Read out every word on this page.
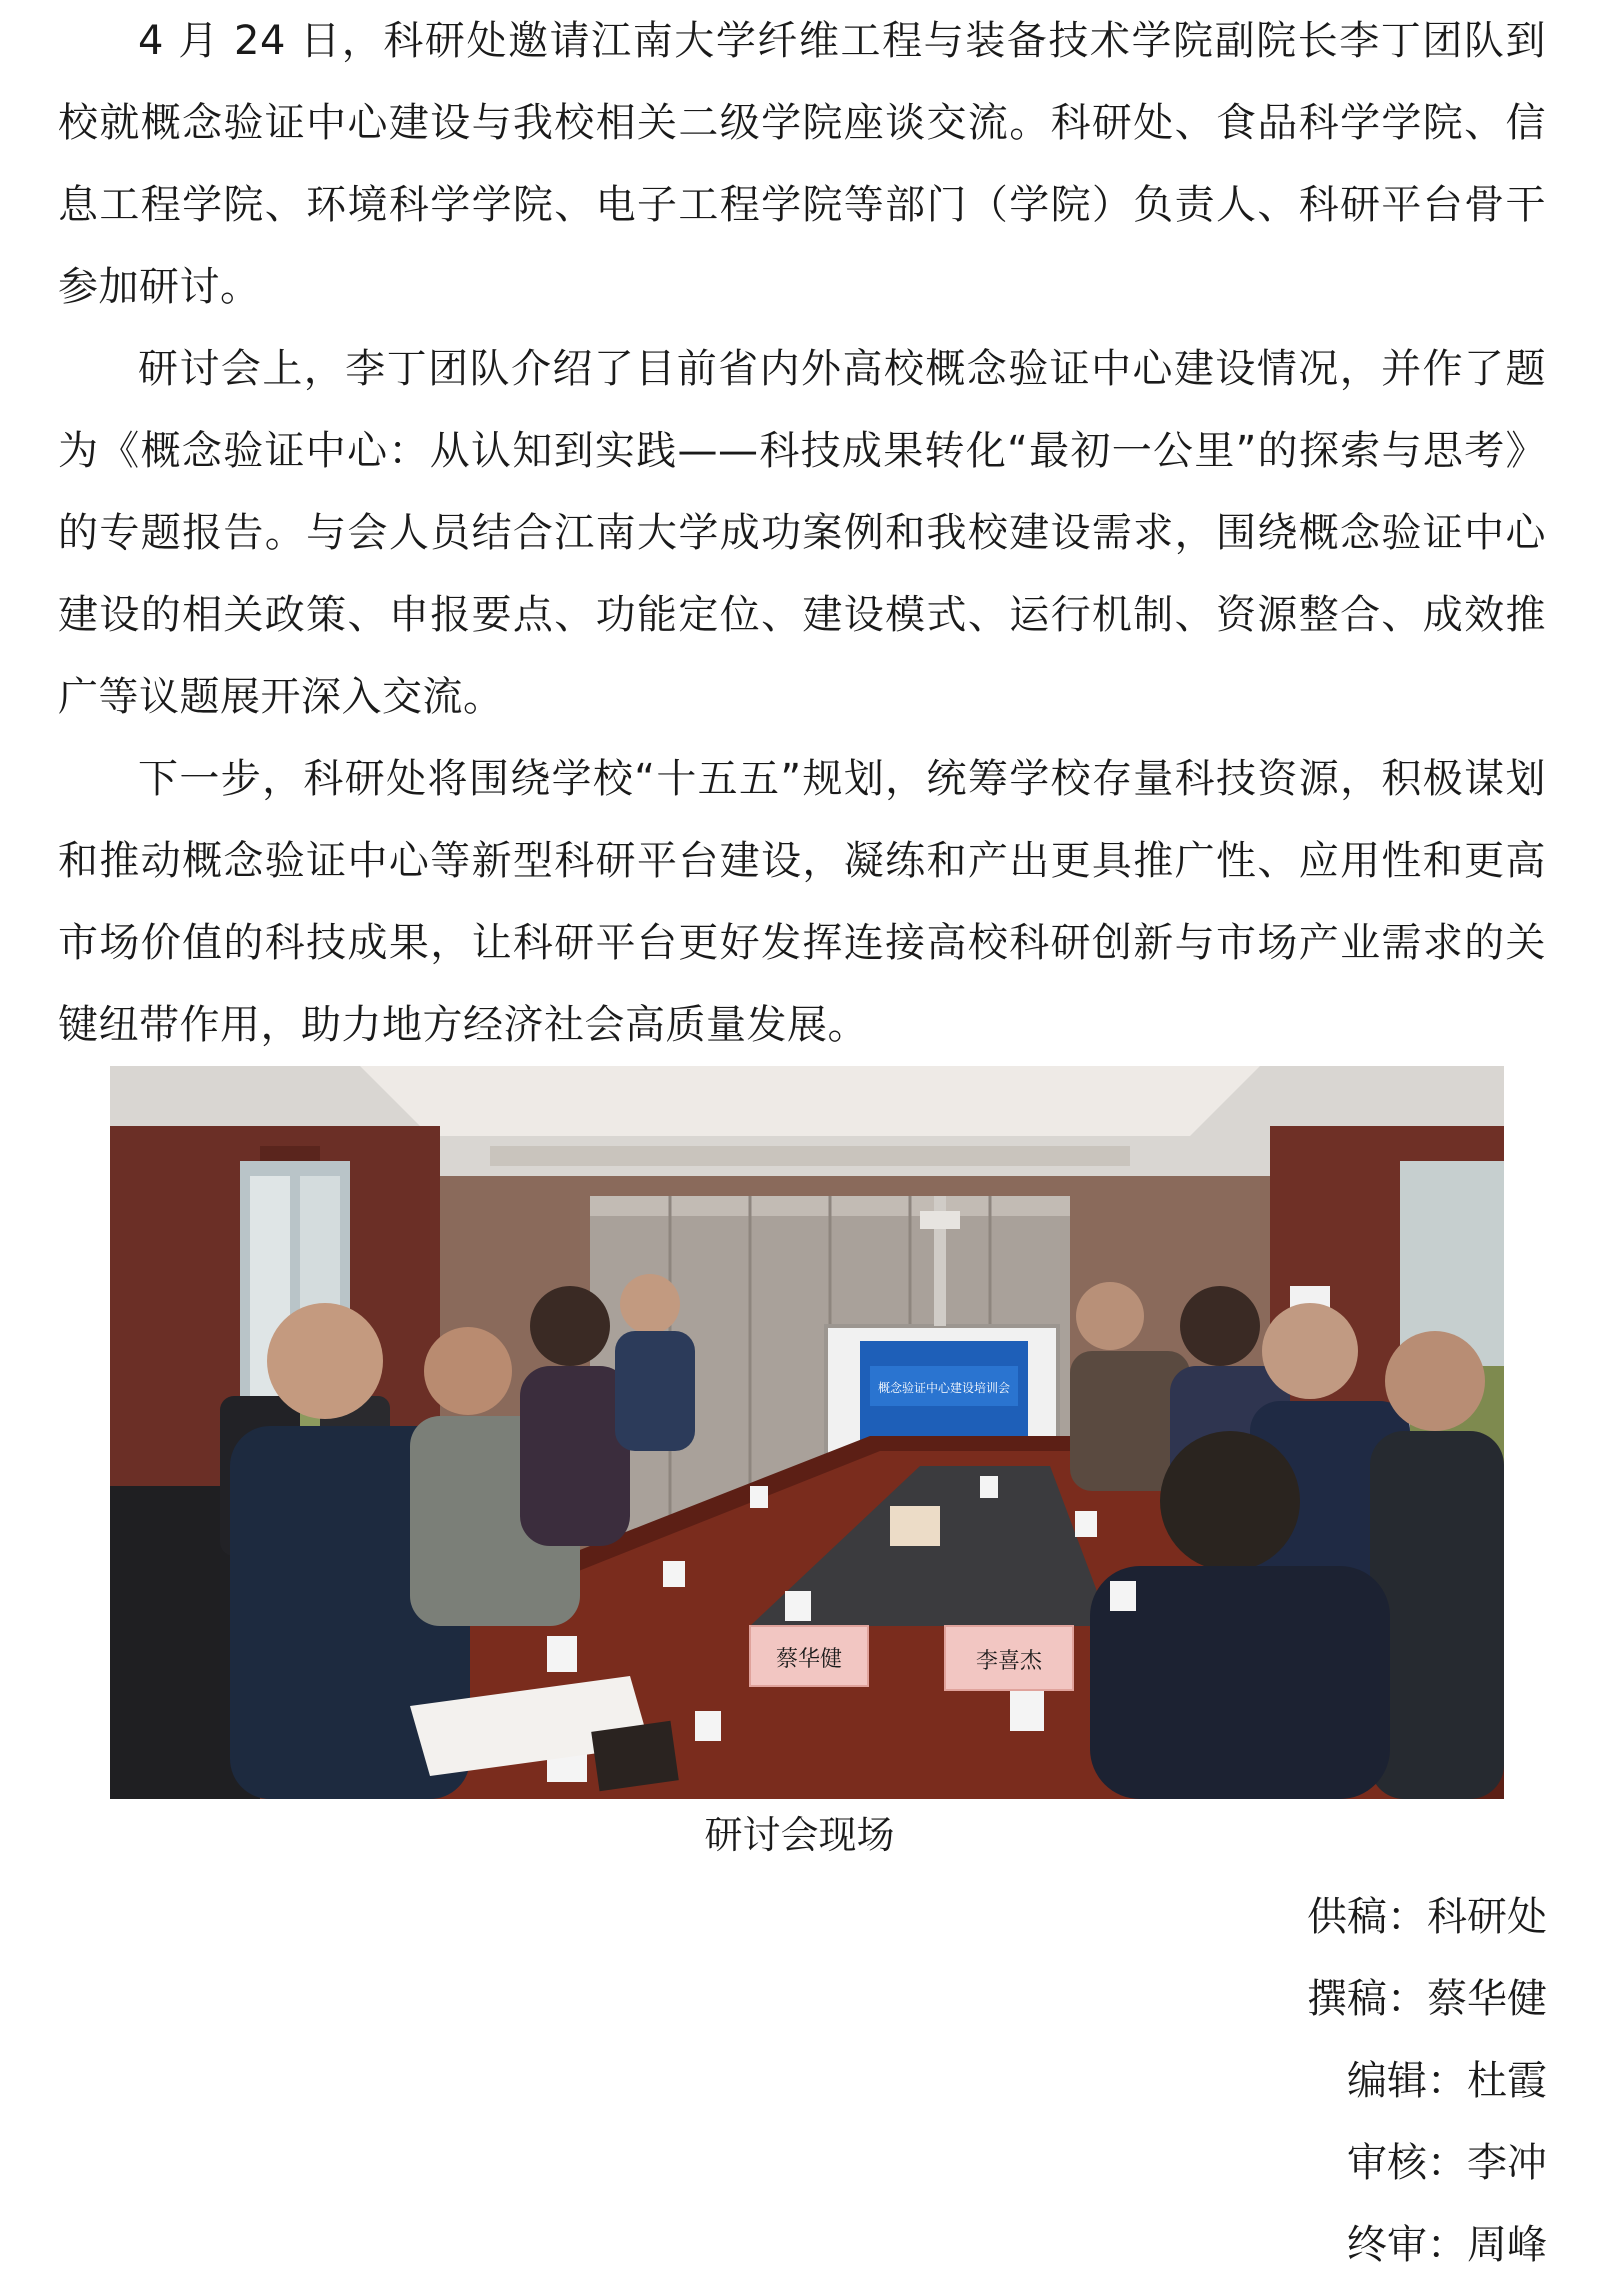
4 月 24 日，科研处邀请江南大学纤维工程与装备技术学院副院长李丁团队到校就概念验证中心建设与我校相关二级学院座谈交流。科研处、食品科学学院、信息工程学院、环境科学学院、电子工程学院等部门（学院）负责人、科研平台骨干参加研讨。

研讨会上，李丁团队介绍了目前省内外高校概念验证中心建设情况，并作了题为《概念验证中心：从认知到实践——科技成果转化“最初一公里”的探索与思考》的专题报告。与会人员结合江南大学成功案例和我校建设需求，围绕概念验证中心建设的相关政策、申报要点、功能定位、建设模式、运行机制、资源整合、成效推广等议题展开深入交流。

下一步，科研处将围绕学校“十五五”规划，统筹学校存量科技资源，积极谋划和推动概念验证中心等新型科研平台建设，凝练和产出更具推广性、应用性和更高市场价值的科技成果，让科研平台更好发挥连接高校科研创新与市场产业需求的关键纽带作用，助力地方经济社会高质量发展。

概念验证中心建设培训会
蔡华健	李喜杰
研讨会现场
供稿：科研处
撰稿：蔡华健
编辑：杜霞
审核：李冲
终审：周峰
